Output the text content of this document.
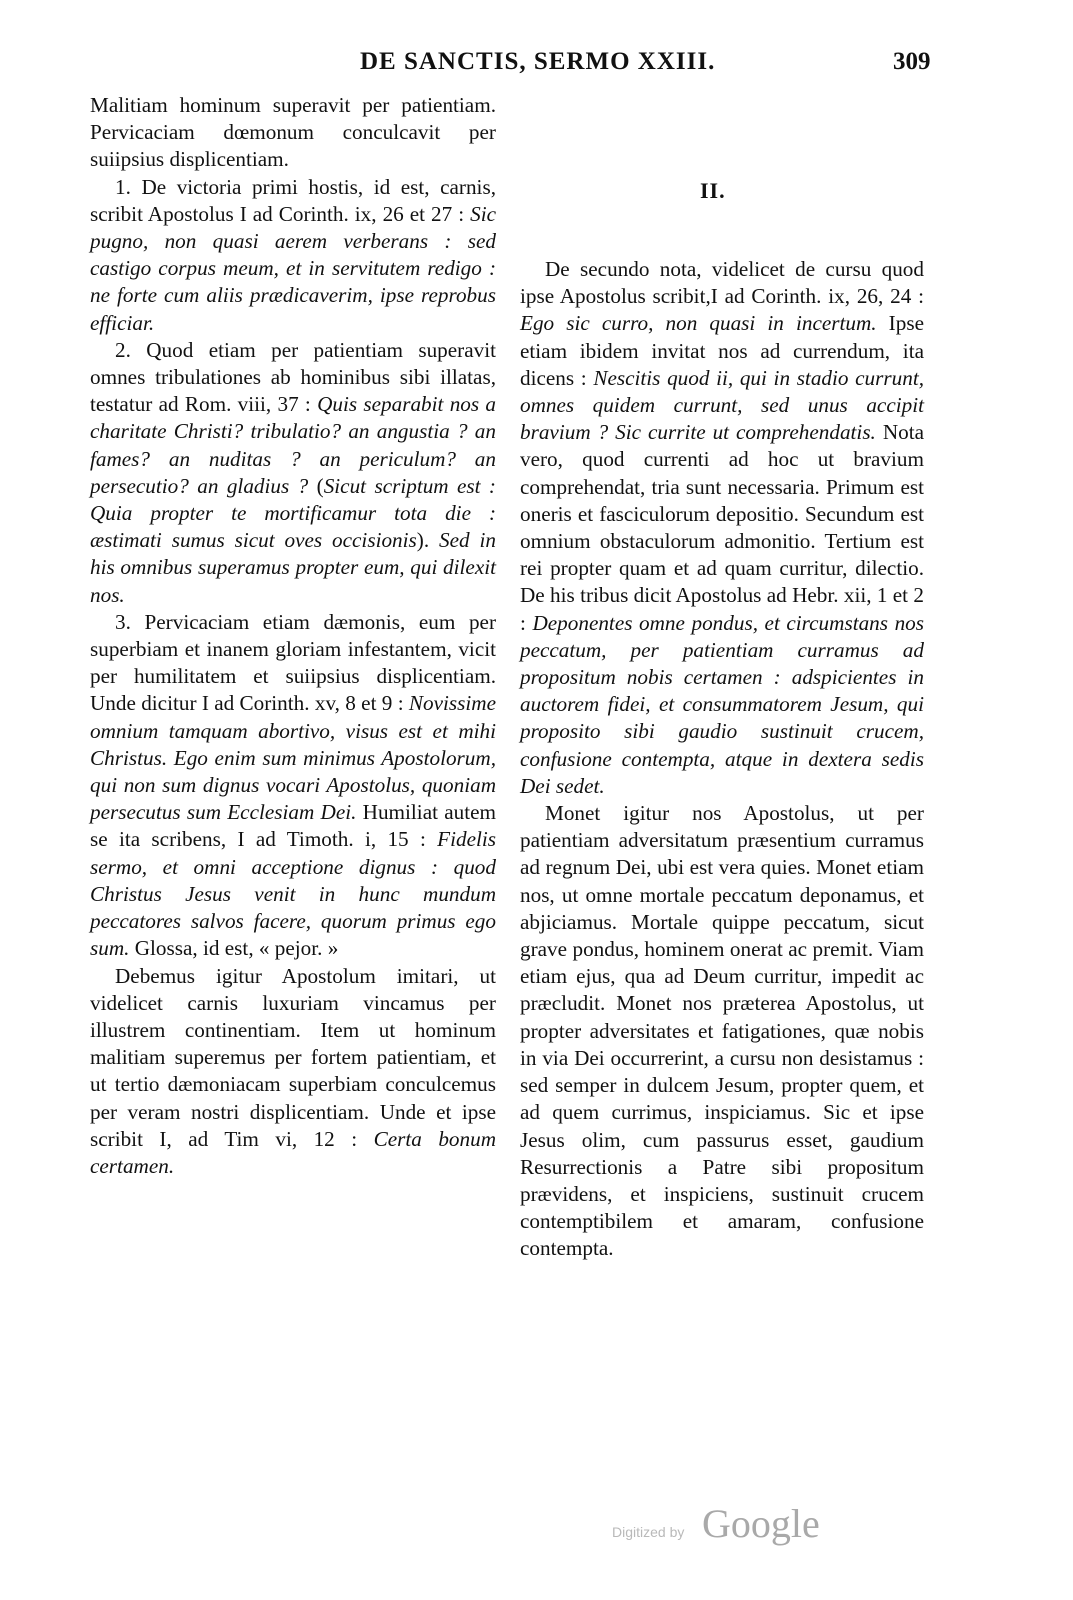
DE SANCTIS, SERMO XXIII.	309

Malitiam hominum superavit per patientiam. Pervicaciam dœmonum conculcavit per suiipsius displicentiam.

1. De victoria primi hostis, id est, carnis, scribit Apostolus I ad Corinth. ix, 26 et 27 : Sic pugno, non quasi aerem verberans : sed castigo corpus meum, et in servitutem redigo : ne forte cum aliis prædicaverim, ipse reprobus efficiar.

2. Quod etiam per patientiam superavit omnes tribulationes ab hominibus sibi illatas, testatur ad Rom. viii, 37 : Quis separabit nos a charitate Christi? tribulatio? an angustia ? an fames? an nuditas ? an periculum? an persecutio? an gladius ? (Sicut scriptum est : Quia propter te mortificamur tota die : æstimati sumus sicut oves occisionis). Sed in his omnibus superamus propter eum, qui dilexit nos.

3. Pervicaciam etiam dæmonis, eum per superbiam et inanem gloriam infestantem, vicit per humilitatem et suiipsius displicentiam. Unde dicitur I ad Corinth. xv, 8 et 9 : Novissime omnium tamquam abortivo, visus est et mihi Christus. Ego enim sum minimus Apostolorum, qui non sum dignus vocari Apostolus, quoniam persecutus sum Ecclesiam Dei. Humiliat autem se ita scribens, I ad Timoth. i, 15 : Fidelis sermo, et omni acceptione dignus : quod Christus Jesus venit in hunc mundum peccatores salvos facere, quorum primus ego sum. Glossa, id est, « pejor. »

Debemus igitur Apostolum imitari, ut videlicet carnis luxuriam vincamus per illustrem continentiam. Item ut hominum malitiam superemus per fortem patientiam, et ut tertio dæmoniacam superbiam conculcemus per veram nostri displicentiam. Unde et ipse scribit I, ad Tim vi, 12 : Certa bonum certamen.

II.

De secundo nota, videlicet de cursu quod ipse Apostolus scribit,I ad Corinth. ix, 26, 24 : Ego sic curro, non quasi in incertum. Ipse etiam ibidem invitat nos ad currendum, ita dicens : Nescitis quod ii, qui in stadio currunt, omnes quidem currunt, sed unus accipit bravium ? Sic currite ut comprehendatis. Nota vero, quod currenti ad hoc ut bravium comprehendat, tria sunt necessaria. Primum est oneris et fasciculorum depositio. Secundum est omnium obstaculorum admonitio. Tertium est rei propter quam et ad quam curritur, dilectio. De his tribus dicit Apostolus ad Hebr. xii, 1 et 2 : Deponentes omne pondus, et circumstans nos peccatum, per patientiam curramus ad propositum nobis certamen : adspicientes in auctorem fidei, et consummatorem Jesum, qui proposito sibi gaudio sustinuit crucem, confusione contempta, atque in dextera sedis Dei sedet.

Monet igitur nos Apostolus, ut per patientiam adversitatum præsentium curramus ad regnum Dei, ubi est vera quies. Monet etiam nos, ut omne mortale peccatum deponamus, et abjiciamus. Mortale quippe peccatum, sicut grave pondus, hominem onerat ac premit. Viam etiam ejus, qua ad Deum curritur, impedit ac præcludit. Monet nos præterea Apostolus, ut propter adversitates et fatigationes, quæ nobis in via Dei occurrerint, a cursu non desistamus : sed semper in dulcem Jesum, propter quem, et ad quem currimus, inspiciamus. Sic et ipse Jesus olim, cum passurus esset, gaudium Resurrectionis a Patre sibi propositum prævidens, et inspiciens, sustinuit crucem contemptibilem et amaram, confusione contempta.

Digitized by Google
